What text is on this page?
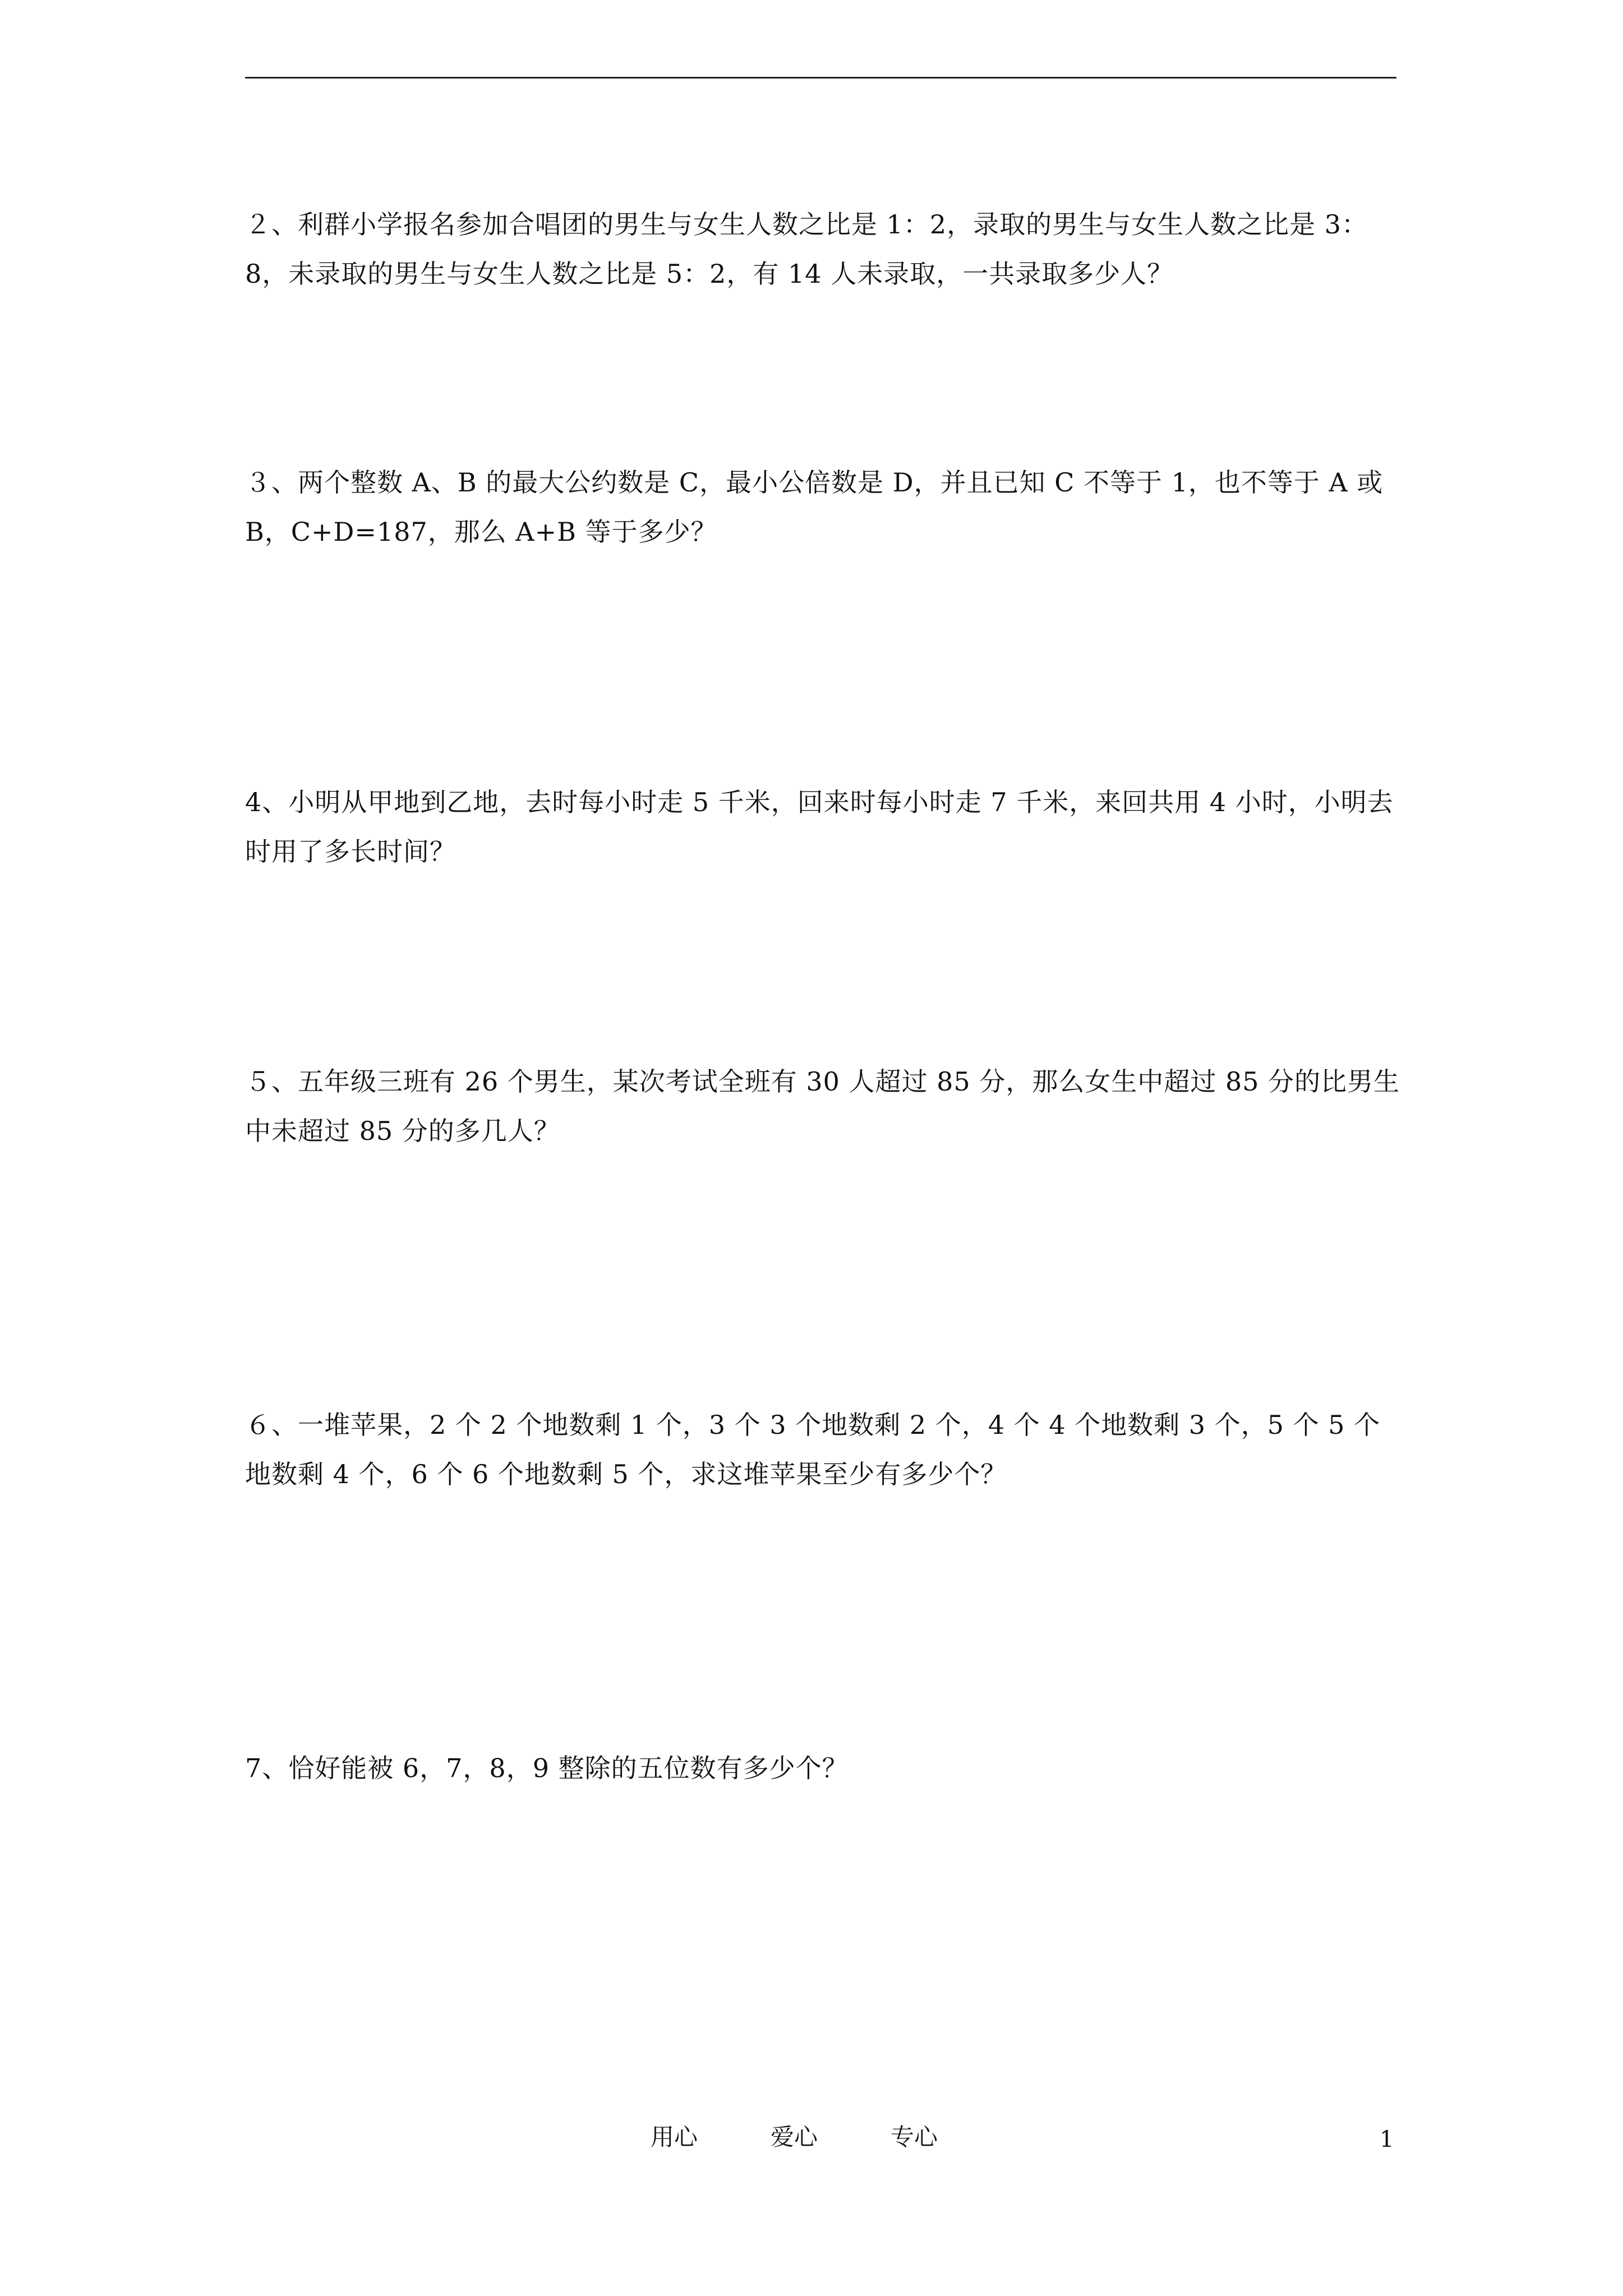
２、利群小学报名参加合唱团的男生与女生人数之比是 1：2，录取的男生与女生人数之比是 3：8，未录取的男生与女生人数之比是 5：2，有 14 人未录取，一共录取多少人？
３、两个整数 A、B 的最大公约数是 C，最小公倍数是 D，并且已知 C 不等于 1，也不等于 A 或 B，C+D=187，那么 A+B 等于多少？
4、小明从甲地到乙地，去时每小时走 5 千米，回来时每小时走 7 千米，来回共用 4 小时，小明去时用了多长时间？
５、五年级三班有 26 个男生，某次考试全班有 30 人超过 85 分，那么女生中超过 85 分的比男生中未超过 85 分的多几人？
６、一堆苹果，2 个 2 个地数剩 1 个，3 个 3 个地数剩 2 个，4 个 4 个地数剩 3 个，5 个 5 个地数剩 4 个，6 个 6 个地数剩 5 个，求这堆苹果至少有多少个？
7、恰好能被 6，7，8，9 整除的五位数有多少个？
用心	爱心	专心	1
